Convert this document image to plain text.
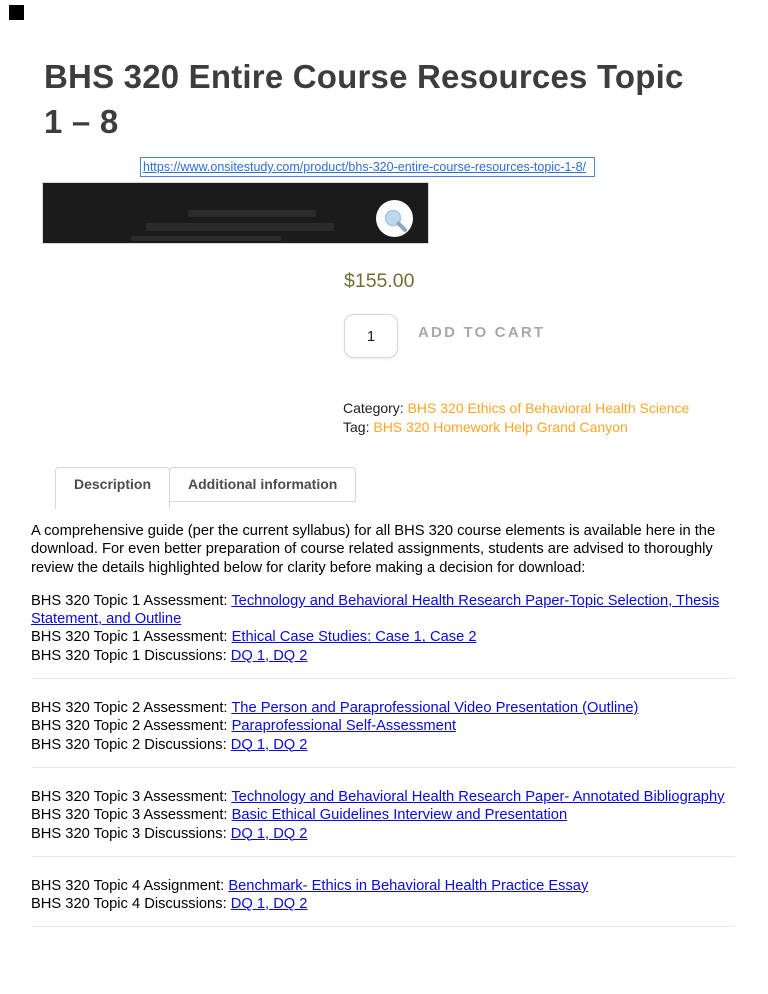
BHS 320 Entire Course Resources Topic 1 – 8
https://www.onsitestudy.com/product/bhs-320-entire-course-resources-topic-1-8/
$155.00
1
ADD TO CART

Category: BHS 320 Ethics of Behavioral Health Science Tag: BHS 320 Homework Help Grand Canyon

Description	Additional information

A comprehensive guide (per the current syllabus) for all BHS 320 course elements is available here in the download. For even better preparation of course related assignments, students are advised to thoroughly review the details highlighted below for clarity before making a decision for download:

BHS 320 Topic 1 Assessment: Technology and Behavioral Health Research Paper-Topic Selection, Thesis Statement, and Outline

BHS 320 Topic 1 Assessment: Ethical Case Studies: Case 1, Case 2

BHS 320 Topic 1 Discussions: DQ 1, DQ 2

BHS 320 Topic 2 Assessment: The Person and Paraprofessional Video Presentation (Outline)

BHS 320 Topic 2 Assessment: Paraprofessional Self-Assessment

BHS 320 Topic 2 Discussions: DQ 1, DQ 2

BHS 320 Topic 3 Assessment: Technology and Behavioral Health Research Paper- Annotated Bibliography

BHS 320 Topic 3 Assessment: Basic Ethical Guidelines Interview and Presentation

BHS 320 Topic 3 Discussions: DQ 1, DQ 2

BHS 320 Topic 4 Assignment: Benchmark- Ethics in Behavioral Health Practice Essay

BHS 320 Topic 4 Discussions: DQ 1, DQ 2
